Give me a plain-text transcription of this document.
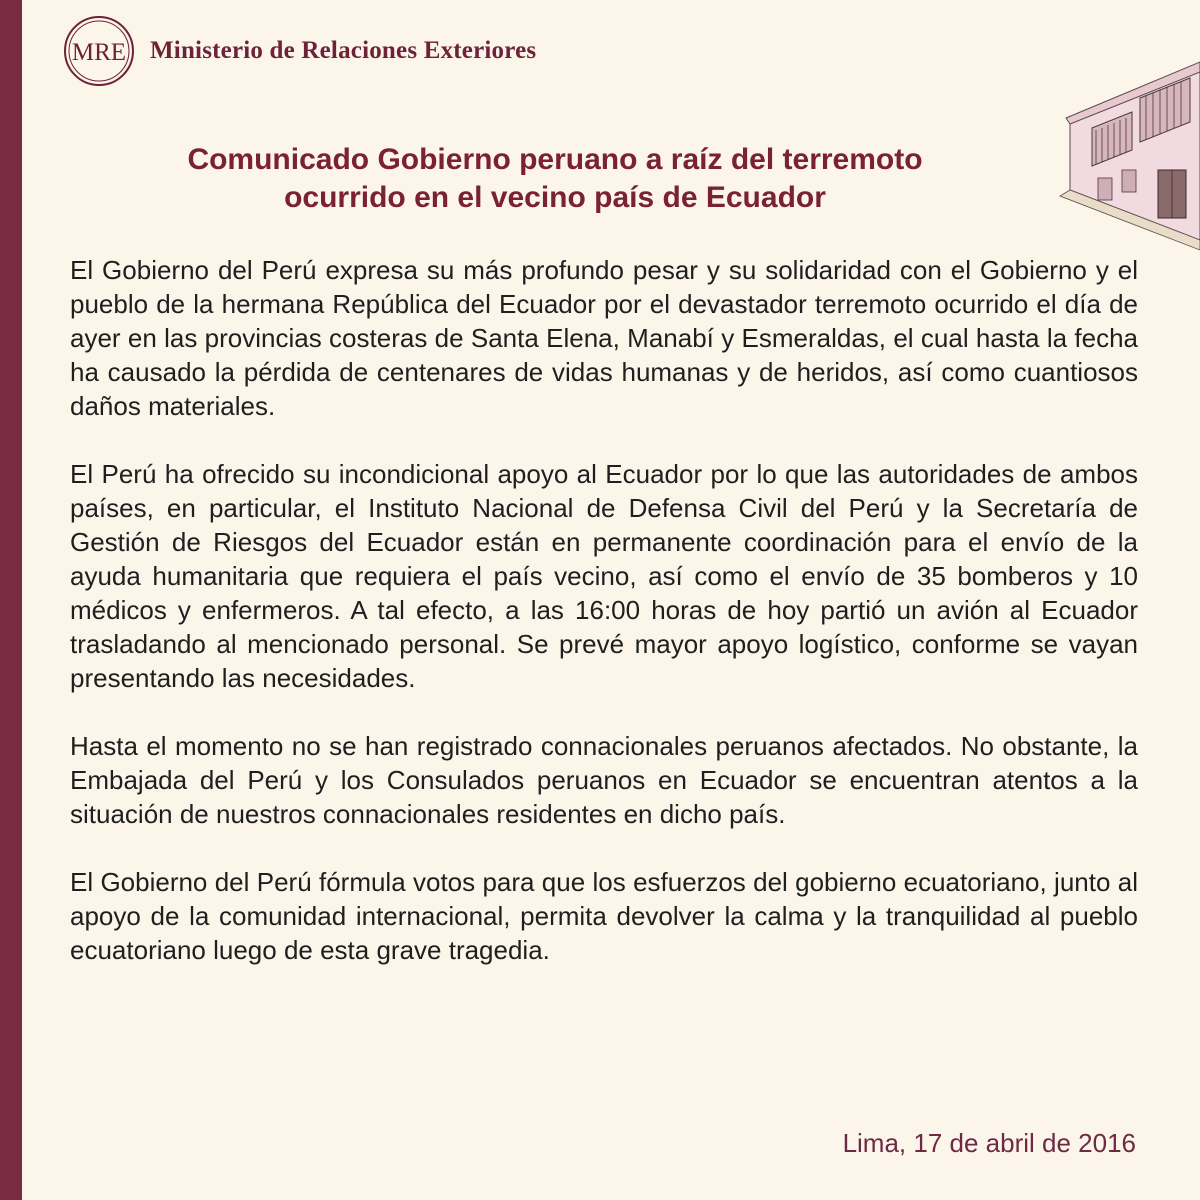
MRE Ministerio de Relaciones Exteriores
Comunicado Gobierno peruano a raíz del terremoto
ocurrido en el vecino país de Ecuador

El Gobierno del Perú expresa su más profundo pesar y su solidaridad con el Gobierno y el pueblo de la hermana República del Ecuador por el devastador terremoto ocurrido el día de ayer en las provincias costeras de Santa Elena, Manabí y Esmeraldas, el cual hasta la fecha ha causado la pérdida de centenares de vidas humanas y de heridos, así como cuantiosos daños materiales.

El Perú ha ofrecido su incondicional apoyo al Ecuador por lo que las autoridades de ambos países, en particular, el Instituto Nacional de Defensa Civil del Perú y la Secretaría de Gestión de Riesgos del Ecuador están en permanente coordinación para el envío de la ayuda humanitaria que requiera el país vecino, así como el envío de 35 bomberos y 10 médicos y enfermeros. A tal efecto, a las 16:00 horas de hoy partió un avión al Ecuador trasladando al mencionado personal. Se prevé mayor apoyo logístico, conforme se vayan presentando las necesidades.

Hasta el momento no se han registrado connacionales peruanos afectados. No obstante, la Embajada del Perú y los Consulados peruanos en Ecuador se encuentran atentos a la situación de nuestros connacionales residentes en dicho país.

El Gobierno del Perú fórmula votos para que los esfuerzos del gobierno ecuatoriano, junto al apoyo de la comunidad internacional, permita devolver la calma y la tranquilidad al pueblo ecuatoriano luego de esta grave tragedia.

Lima, 17 de abril de 2016
